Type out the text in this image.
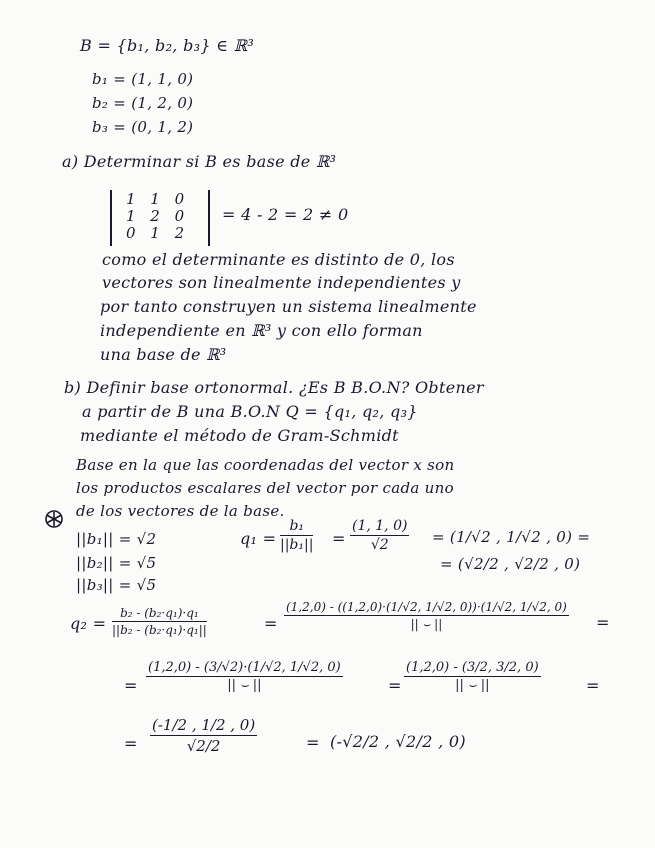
B = {b₁, b₂, b₃} ∈ ℝ³
b₁ = (1, 1, 0)
b₂ = (1, 2, 0)
b₃ = (0, 1, 2)
a) Determinar si B es base de ℝ³
1 1 0
1 2 0
0 1 2
= 4 - 2 = 2 ≠ 0
como el determinante es distinto de 0, los
vectores son linealmente independientes y
por tanto construyen un sistema linealmente
independiente en ℝ³ y con ello forman
una base de ℝ³
b) Definir base ortonormal. ¿Es B B.O.N? Obtener
a partir de B una B.O.N Q = {q₁, q₂, q₃}
mediante el método de Gram-Schmidt
Base en la que las coordenadas del vector x son
los productos escalares del vector por cada uno
de los vectores de la base.
||b₁|| = √2
||b₂|| = √5
||b₃|| = √5
$q_1 = \frac{\text{b₁}}{\text{||b₁||}} = \frac{(1, 1, 0)}{√2} = (1/√2$ , 1/√2 , 0) =
= (√2/2 , √2/2 , 0)
$q_2 = \frac{\text{b₂ - (b₂·q₁)·q₁}}{\text{||b₂ - (b₂·q₁)·q₁||}}$	=
(1,2,0) - ((1,2,0)·(1/√2, 1/√2, 0))·(1/√2, 1/√2, 0)
|| ⌣ ||	=
=
(1,2,0) - (3/√2)·(1/√2, 1/√2, 0)
|| ⌣ ||	=
(1,2,0) - (3/2, 3/2, 0)
|| ⌣ ||	=
= $\frac{(-1/2 , 1/2 , 0)}{√2/2}$	= (-√2/2 , √2/2 , 0)
